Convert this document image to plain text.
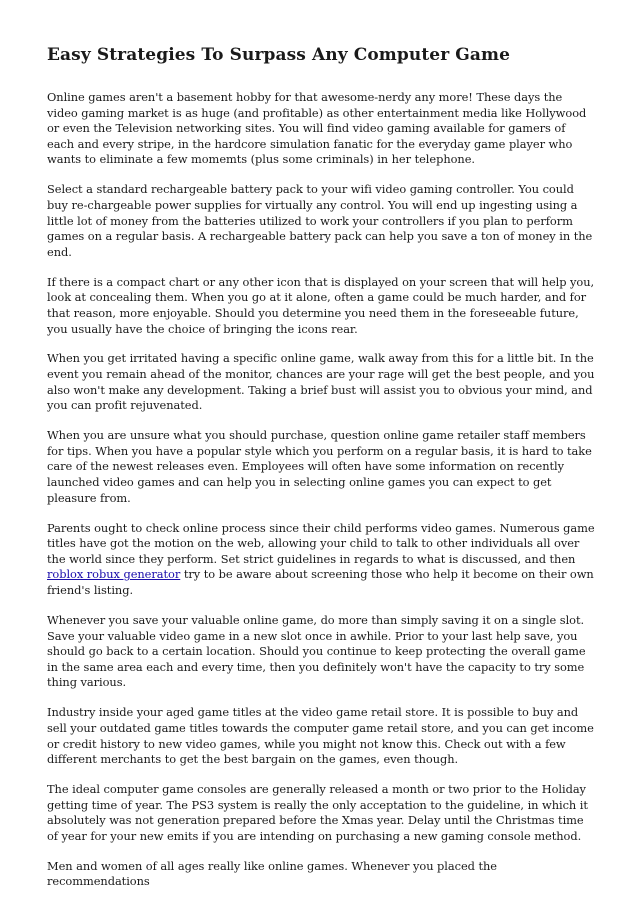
Easy Strategies To Surpass Any Computer Game

Online games aren't a basement hobby for that awesome-nerdy any more! These days the video gaming market is as huge (and profitable) as other entertainment media like Hollywood or even the Television networking sites. You will find video gaming available for gamers of each and every stripe, in the hardcore simulation fanatic for the everyday game player who wants to eliminate a few momemts (plus some criminals) in her telephone.

Select a standard rechargeable battery pack to your wifi video gaming controller. You could buy re-chargeable power supplies for virtually any control. You will end up ingesting using a little lot of money from the batteries utilized to work your controllers if you plan to perform games on a regular basis. A rechargeable battery pack can help you save a ton of money in the end.

If there is a compact chart or any other icon that is displayed on your screen that will help you, look at concealing them. When you go at it alone, often a game could be much harder, and for that reason, more enjoyable. Should you determine you need them in the foreseeable future, you usually have the choice of bringing the icons rear.

When you get irritated having a specific online game, walk away from this for a little bit. In the event you remain ahead of the monitor, chances are your rage will get the best people, and you also won't make any development. Taking a brief bust will assist you to obvious your mind, and you can profit rejuvenated.

When you are unsure what you should purchase, question online game retailer staff members for tips. When you have a popular style which you perform on a regular basis, it is hard to take care of the newest releases even. Employees will often have some information on recently launched video games and can help you in selecting online games you can expect to get pleasure from.

Parents ought to check online process since their child performs video games. Numerous game titles have got the motion on the web, allowing your child to talk to other individuals all over the world since they perform. Set strict guidelines in regards to what is discussed, and then roblox robux generator try to be aware about screening those who help it become on their own friend's listing.

Whenever you save your valuable online game, do more than simply saving it on a single slot. Save your valuable video game in a new slot once in awhile. Prior to your last help save, you should go back to a certain location. Should you continue to keep protecting the overall game in the same area each and every time, then you definitely won't have the capacity to try some thing various.

Industry inside your aged game titles at the video game retail store. It is possible to buy and sell your outdated game titles towards the computer game retail store, and you can get income or credit history to new video games, while you might not know this. Check out with a few different merchants to get the best bargain on the games, even though.

The ideal computer game consoles are generally released a month or two prior to the Holiday getting time of year. The PS3 system is really the only acceptation to the guideline, in which it absolutely was not generation prepared before the Xmas year. Delay until the Christmas time of year for your new emits if you are intending on purchasing a new gaming console method.

Men and women of all ages really like online games. Whenever you placed the recommendations
